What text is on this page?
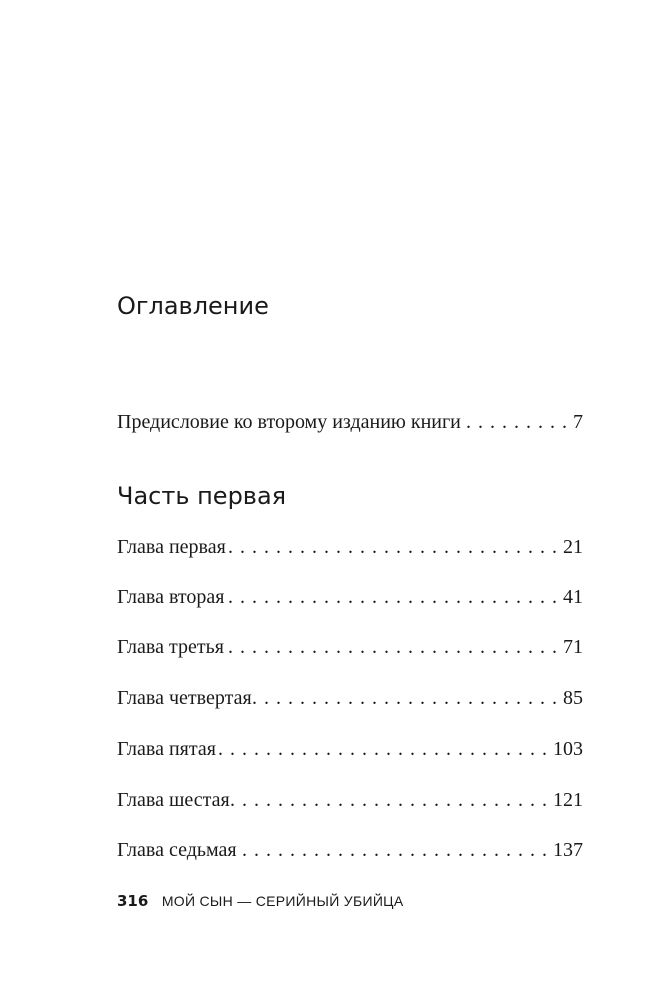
Оглавление
Предисловие ко второму изданию книги . . .	7
Часть первая
Глава первая . . .	21
Глава вторая . . .	41
Глава третья . . .	71
Глава четвертая . . .	85
Глава пятая . . .	103
Глава шестая . . .	121
Глава седьмая . . .	137
316 МОЙ СЫН — СЕРИЙНЫЙ УБИЙЦА
